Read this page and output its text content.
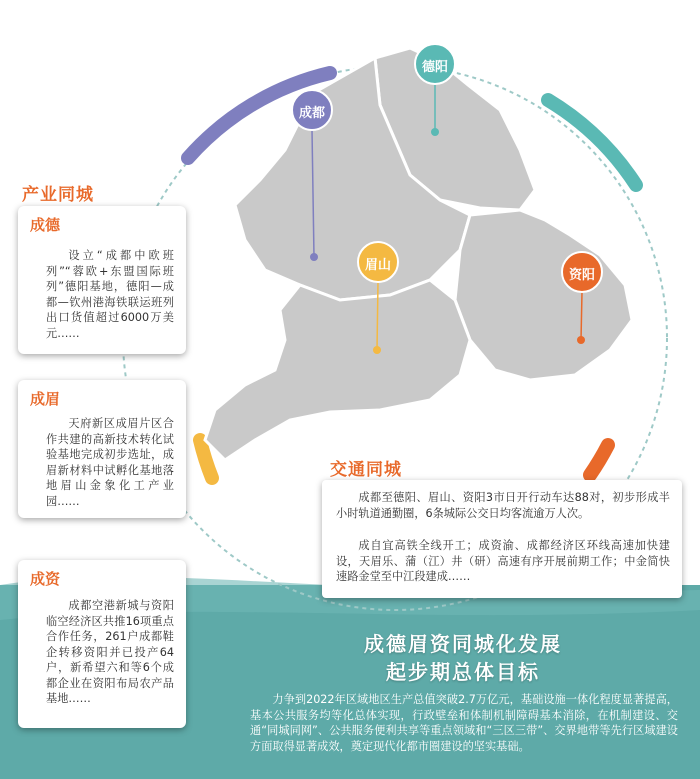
成都
德阳
眉山
资阳
产业同城
成德

设立“成都中欧班列”“蓉欧+东盟国际班列”德阳基地，德阳—成都—钦州港海铁联运班列出口货值超过6000万美元……

成眉

天府新区成眉片区合作共建的高新技术转化试验基地完成初步选址，成眉新材料中试孵化基地落地眉山金象化工产业园……

成资

成都空港新城与资阳临空经济区共推16项重点合作任务，261户成都鞋企转移资阳并已投产64户，新希望六和等6个成都企业在资阳布局农产品基地……

交通同城

成都至德阳、眉山、资阳3市日开行动车达88对，初步形成半小时轨道通勤圈，6条城际公交日均客流逾万人次。

成自宜高铁全线开工；成资渝、成都经济区环线高速加快建设，天眉乐、蒲（江）井（研）高速有序开展前期工作；中金简快速路金堂至中江段建成……

成德眉资同城化发展
起步期总体目标
力争到2022年区域地区生产总值突破2.7万亿元，基础设施一体化程度显著提高，基本公共服务均等化总体实现，行政壁垒和体制机制障碍基本消除，在机制建设、交通“同城同网”、公共服务便利共享等重点领域和“三区三带”、交界地带等先行区域建设方面取得显著成效，奠定现代化都市圈建设的坚实基础。
